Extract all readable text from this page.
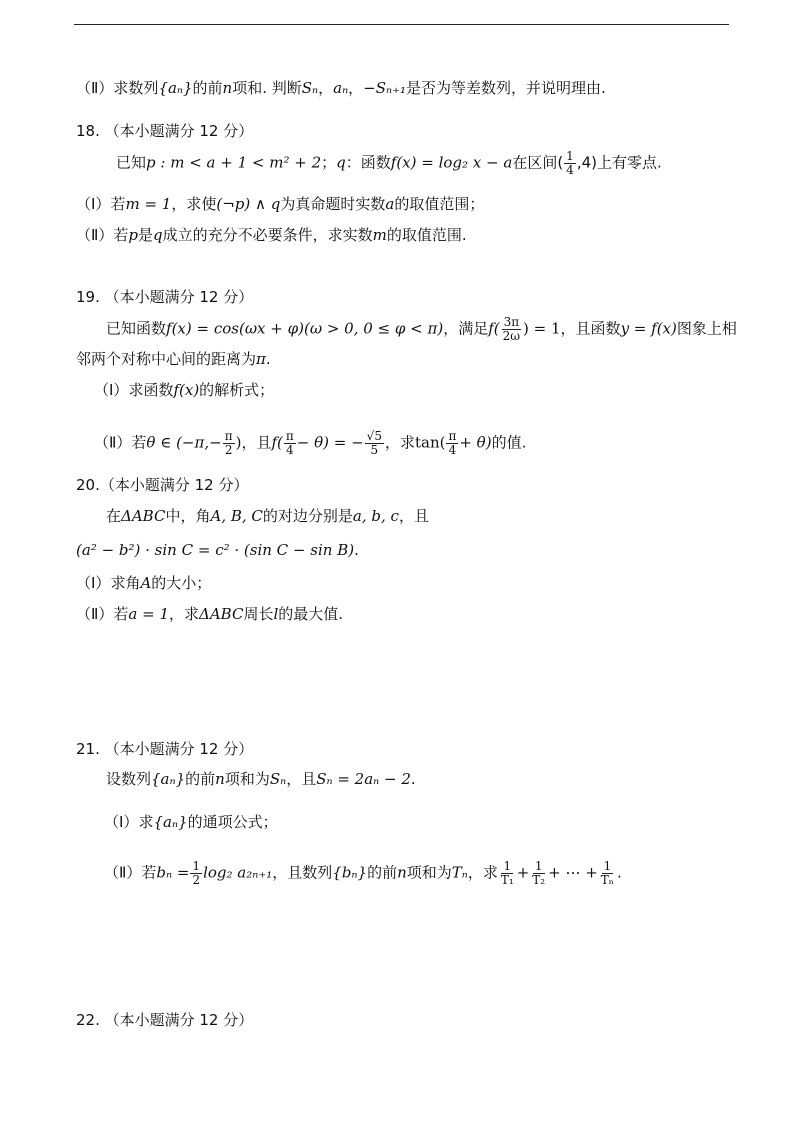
（Ⅱ）求数列{aₙ}的前n项和. 判断Sₙ，aₙ，−Sₙ₊₁是否为等差数列，并说明理由.
18. （本小题满分 12 分）
已知p : m < a + 1 < m² + 2；q：函数f(x) = log₂ x − a在区间( $\frac{1}{4} ,4$)上有零点.
（Ⅰ）若m = 1，求使(¬p) ∧ q为真命题时实数a的取值范围；
（Ⅱ）若p是q成立的充分不必要条件，求实数m的取值范围.
19. （本小题满分 12 分）
已知函数f(x) = cos(ωx + φ)(ω > 0, 0 ≤ φ < π)，满足$f( \frac{3\pi}{2\omega}$ ) = 1，且函数y = f(x)图象上相
邻两个对称中心间的距离为π.
（Ⅰ）求函数f(x)的解析式；
（Ⅱ）若θ ∈ ($-\pi,- \frac{\pi}{2}$ )，且$f( \frac{\pi}{4} - \theta)$ = − $\frac{√5}{5}$ ，求$\tan( \frac{\pi}{4} + \theta)$的值.
20.（本小题满分 12 分）
在ΔABC中，角A, B, C的对边分别是a, b, c，且
(a² − b²) · sin C = c² · (sin C − sin B).
（Ⅰ）求角A的大小；
（Ⅱ）若a = 1，求ΔABC周长l的最大值.
21. （本小题满分 12 分）
设数列{aₙ}的前n项和为Sₙ，且Sₙ = 2aₙ − 2.
（Ⅰ）求{aₙ}的通项公式；
（Ⅱ）若$b_n = \frac{1}{2} \log_2$ a₂ₙ₊₁，且数列{bₙ}的前n项和为Tₙ，求 $\frac{1}{\text{T₁}} + \frac{1}{\text{T₂}}$ + ⋯ + $\frac{1}{\text{Tₙ}}$ .
22. （本小题满分 12 分）
